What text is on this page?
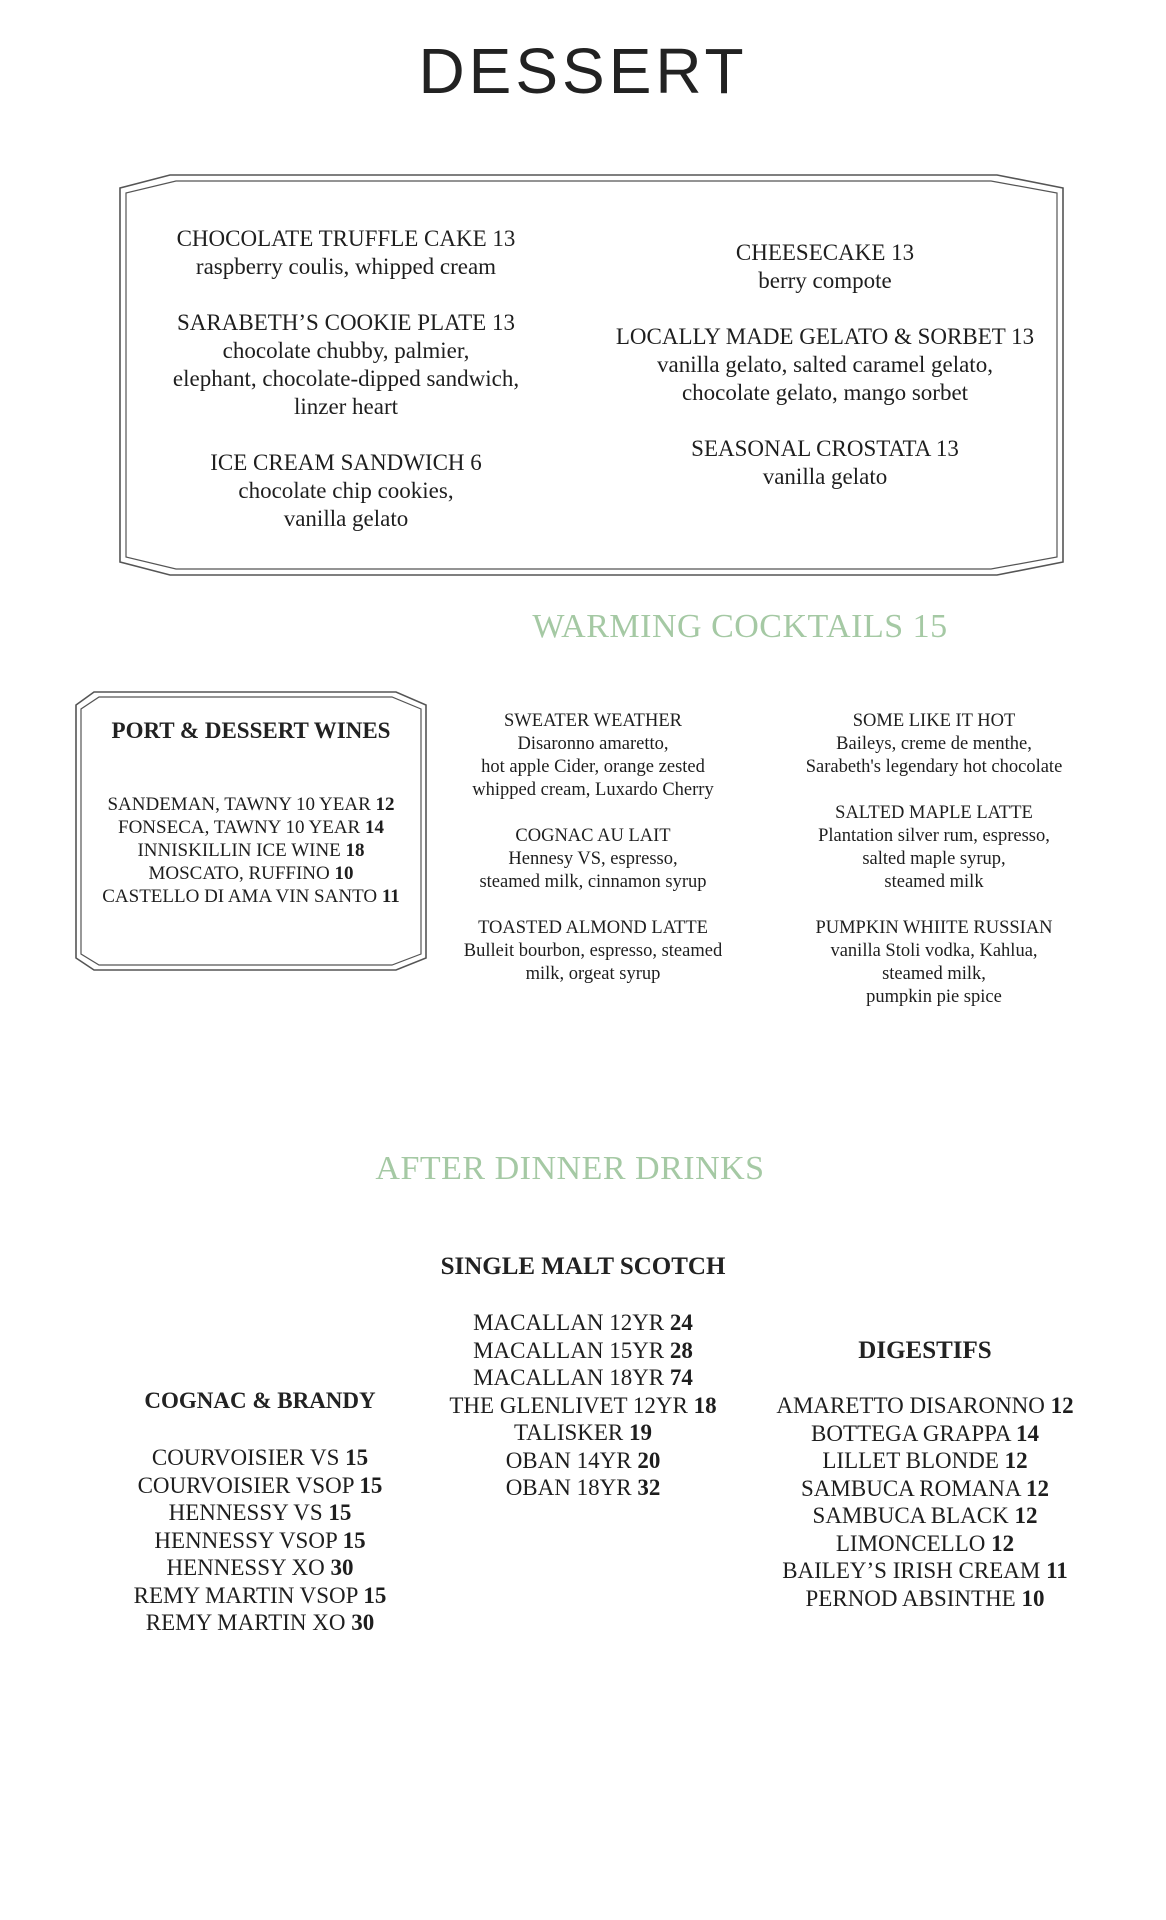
DESSERT
CHOCOLATE TRUFFLE CAKE 13
raspberry coulis, whipped cream
SARABETH’S COOKIE PLATE 13
chocolate chubby, palmier,
elephant, chocolate-dipped sandwich,
linzer heart
ICE CREAM SANDWICH 6
chocolate chip cookies,
vanilla gelato
CHEESECAKE 13
berry compote
LOCALLY MADE GELATO & SORBET 13
vanilla gelato, salted caramel gelato,
chocolate gelato, mango sorbet
SEASONAL CROSTATA 13
vanilla gelato
WARMING COCKTAILS 15
PORT & DESSERT WINES
SANDEMAN, TAWNY 10 YEAR 12
FONSECA, TAWNY 10 YEAR 14
INNISKILLIN ICE WINE 18
MOSCATO, RUFFINO 10
CASTELLO DI AMA VIN SANTO 11
SWEATER WEATHER
Disaronno amaretto,
hot apple Cider, orange zested
whipped cream, Luxardo Cherry
COGNAC AU LAIT
Hennesy VS, espresso,
steamed milk, cinnamon syrup
TOASTED ALMOND LATTE
Bulleit bourbon, espresso, steamed
milk, orgeat syrup
SOME LIKE IT HOT
Baileys, creme de menthe,
Sarabeth's legendary hot chocolate
SALTED MAPLE LATTE
Plantation silver rum, espresso,
salted maple syrup,
steamed milk
PUMPKIN WHIITE RUSSIAN
vanilla Stoli vodka, Kahlua,
steamed milk,
pumpkin pie spice
AFTER DINNER DRINKS
SINGLE MALT SCOTCH
MACALLAN 12YR 24
MACALLAN 15YR 28
MACALLAN 18YR 74
THE GLENLIVET 12YR 18
TALISKER 19
OBAN 14YR 20
OBAN 18YR 32
COGNAC & BRANDY
COURVOISIER VS 15
COURVOISIER VSOP 15
HENNESSY VS 15
HENNESSY VSOP 15
HENNESSY XO 30
REMY MARTIN VSOP 15
REMY MARTIN XO 30
DIGESTIFS
AMARETTO DISARONNO 12
BOTTEGA GRAPPA 14
LILLET BLONDE 12
SAMBUCA ROMANA 12
SAMBUCA BLACK 12
LIMONCELLO 12
BAILEY’S IRISH CREAM 11
PERNOD ABSINTHE 10
